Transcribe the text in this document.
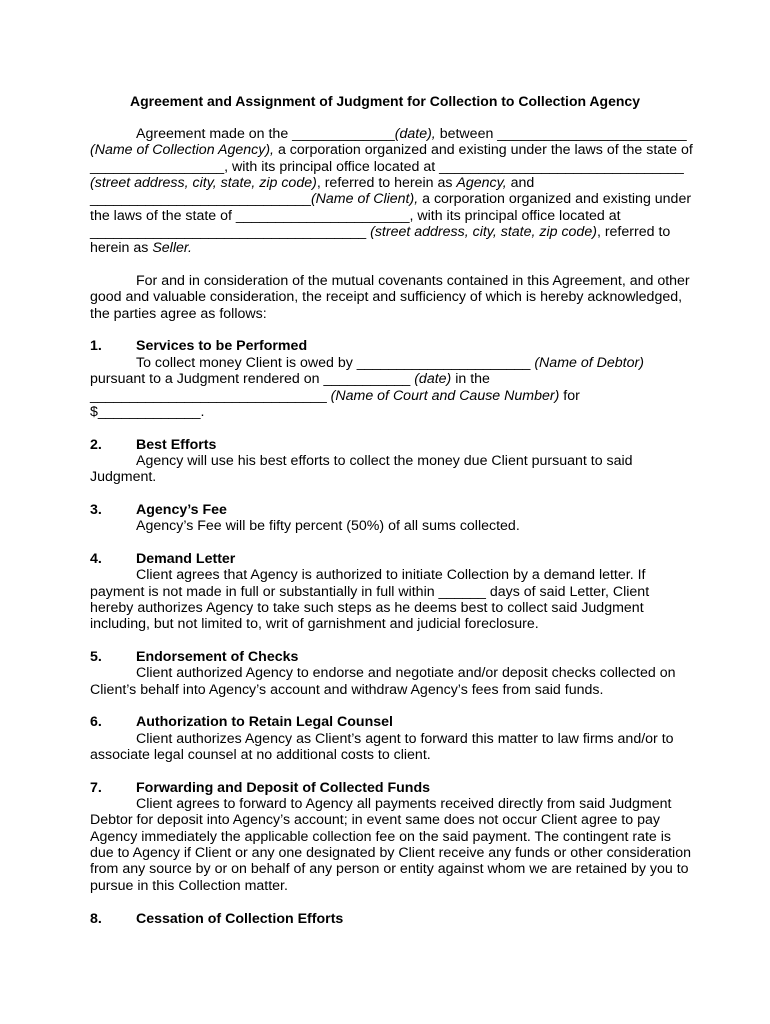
Agreement and Assignment of Judgment for Collection to Collection Agency
Agreement made on the _____________(date), between ________________________
(Name of Collection Agency), a corporation organized and existing under the laws of the state of
_________________, with its principal office located at _______________________________
(street address, city, state, zip code), referred to herein as Agency, and
____________________________(Name of Client), a corporation organized and existing under
the laws of the state of ______________________, with its principal office located at
___________________________________ (street address, city, state, zip code), referred to
herein as Seller.
For and in consideration of the mutual covenants contained in this Agreement, and other
good and valuable consideration, the receipt and sufficiency of which is hereby acknowledged,
the parties agree as follows:
1. Services to be Performed
To collect money Client is owed by ______________________ (Name of Debtor)
pursuant to a Judgment rendered on ___________ (date) in the
______________________________ (Name of Court and Cause Number) for
$_____________.
2. Best Efforts
Agency will use his best efforts to collect the money due Client pursuant to said
Judgment.
3. Agency’s Fee
Agency’s Fee will be fifty percent (50%) of all sums collected.
4. Demand Letter
Client agrees that Agency is authorized to initiate Collection by a demand letter. If
payment is not made in full or substantially in full within ______ days of said Letter, Client
hereby authorizes Agency to take such steps as he deems best to collect said Judgment
including, but not limited to, writ of garnishment and judicial foreclosure.
5. Endorsement of Checks
Client authorized Agency to endorse and negotiate and/or deposit checks collected on
Client’s behalf into Agency’s account and withdraw Agency’s fees from said funds.
6. Authorization to Retain Legal Counsel
Client authorizes Agency as Client’s agent to forward this matter to law firms and/or to
associate legal counsel at no additional costs to client.
7. Forwarding and Deposit of Collected Funds
Client agrees to forward to Agency all payments received directly from said Judgment
Debtor for deposit into Agency’s account; in event same does not occur Client agree to pay
Agency immediately the applicable collection fee on the said payment. The contingent rate is
due to Agency if Client or any one designated by Client receive any funds or other consideration
from any source by or on behalf of any person or entity against whom we are retained by you to
pursue in this Collection matter.
8. Cessation of Collection Efforts
